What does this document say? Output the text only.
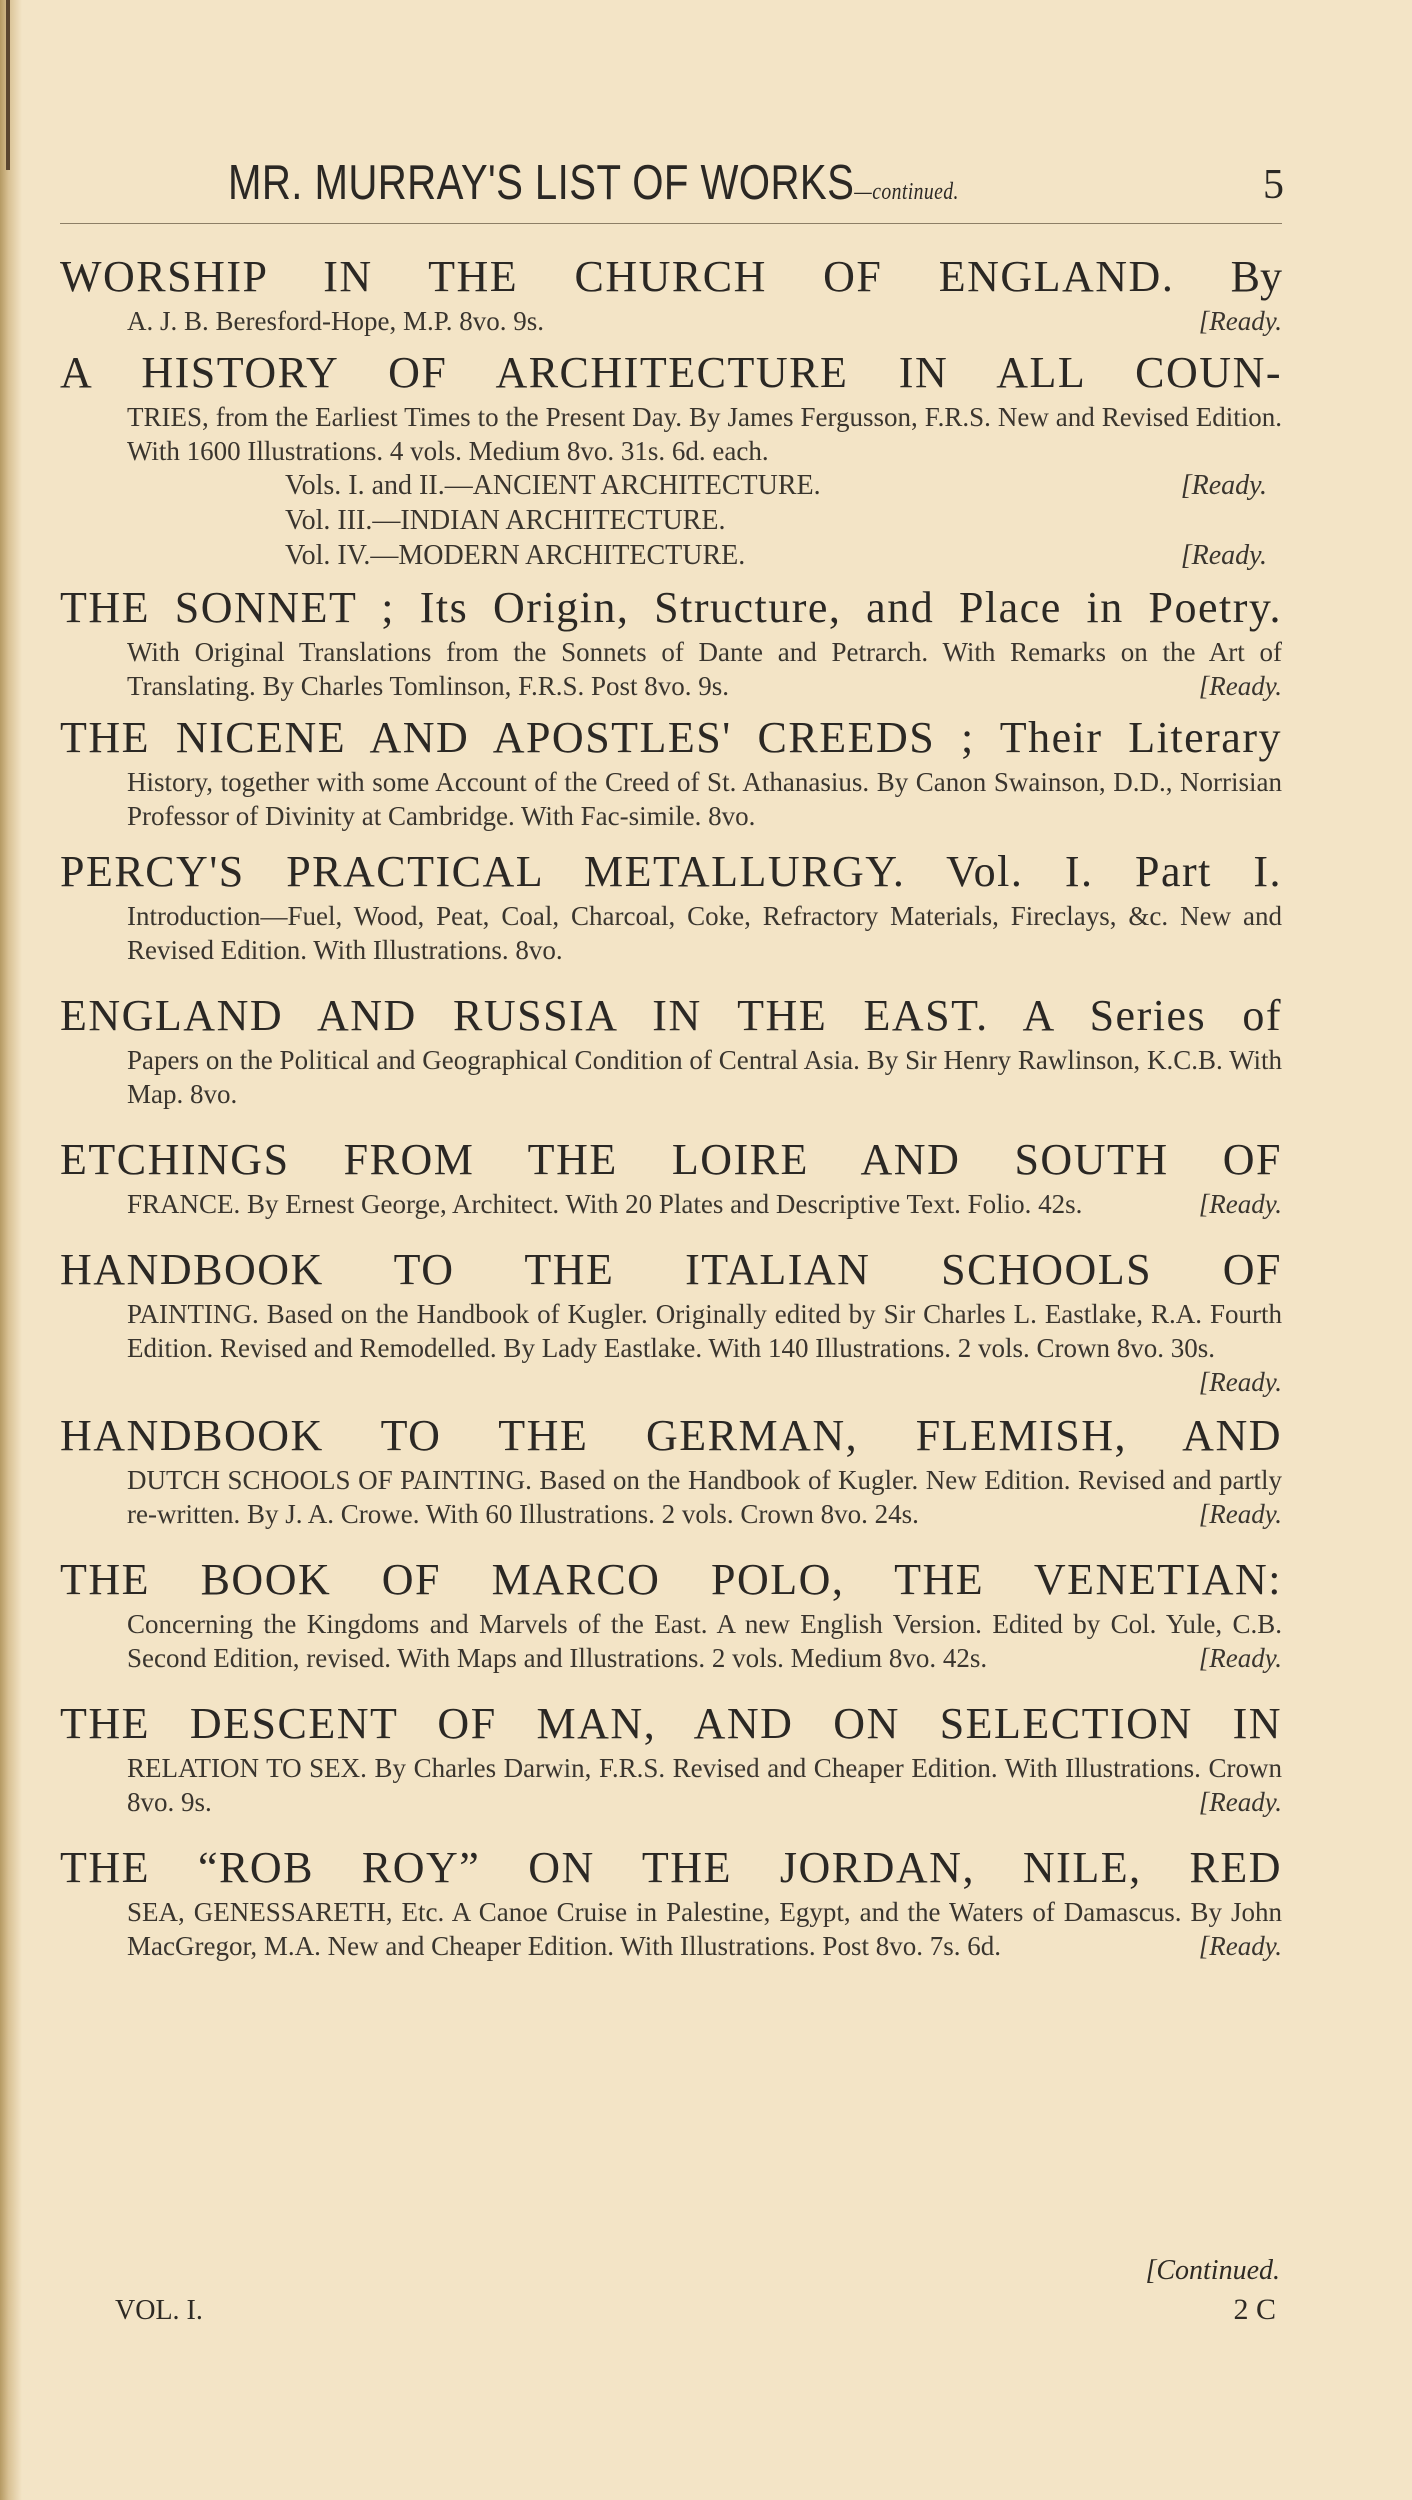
MR. MURRAY'S LIST OF WORKS—continued.	5
WORSHIP IN THE CHURCH OF ENGLAND. By
A. J. B. Beresford-Hope, M.P. 8vo. 9s.	[Ready.
A HISTORY OF ARCHITECTURE IN ALL COUN-
TRIES, from the Earliest Times to the Present Day. By James Fergusson, F.R.S. New and Revised Edition. With 1600 Illustrations. 4 vols. Medium 8vo. 31s. 6d. each.
Vols. I. and II.—ANCIENT ARCHITECTURE.	[Ready.
Vol. III.—INDIAN ARCHITECTURE.
Vol. IV.—MODERN ARCHITECTURE.	[Ready.
THE SONNET ; Its Origin, Structure, and Place in Poetry.
With Original Translations from the Sonnets of Dante and Petrarch. With Remarks on the Art of Translating. By Charles Tomlinson, F.R.S. Post 8vo. 9s.	[Ready.
THE NICENE AND APOSTLES' CREEDS ; Their Literary
History, together with some Account of the Creed of St. Athanasius. By Canon Swainson, D.D., Norrisian Professor of Divinity at Cambridge. With Fac-simile. 8vo.
PERCY'S PRACTICAL METALLURGY. Vol. I. Part I.
Introduction—Fuel, Wood, Peat, Coal, Charcoal, Coke, Refractory Materials, Fireclays, &c. New and Revised Edition. With Illustrations. 8vo.
ENGLAND AND RUSSIA IN THE EAST. A Series of
Papers on the Political and Geographical Condition of Central Asia. By Sir Henry Rawlinson, K.C.B. With Map. 8vo.
ETCHINGS FROM THE LOIRE AND SOUTH OF
FRANCE. By Ernest George, Architect. With 20 Plates and Descriptive Text. Folio. 42s.	[Ready.
HANDBOOK TO THE ITALIAN SCHOOLS OF
PAINTING. Based on the Handbook of Kugler. Originally edited by Sir Charles L. Eastlake, R.A. Fourth Edition. Revised and Remodelled. By Lady Eastlake. With 140 Illustrations. 2 vols. Crown 8vo. 30s.
[Ready.
HANDBOOK TO THE GERMAN, FLEMISH, AND
DUTCH SCHOOLS OF PAINTING. Based on the Handbook of Kugler. New Edition. Revised and partly re-written. By J. A. Crowe. With 60 Illustrations. 2 vols. Crown 8vo. 24s.	[Ready.
THE BOOK OF MARCO POLO, THE VENETIAN:
Concerning the Kingdoms and Marvels of the East. A new English Version. Edited by Col. Yule, C.B. Second Edition, revised. With Maps and Illustrations. 2 vols. Medium 8vo. 42s.	[Ready.
THE DESCENT OF MAN, AND ON SELECTION IN
RELATION TO SEX. By Charles Darwin, F.R.S. Revised and Cheaper Edition. With Illustrations. Crown 8vo. 9s.	[Ready.
THE “ROB ROY” ON THE JORDAN, NILE, RED
SEA, GENESSARETH, Etc. A Canoe Cruise in Palestine, Egypt, and the Waters of Damascus. By John MacGregor, M.A. New and Cheaper Edition. With Illustrations. Post 8vo. 7s. 6d.	[Ready.
[Continued.
VOL. I.	2 C
